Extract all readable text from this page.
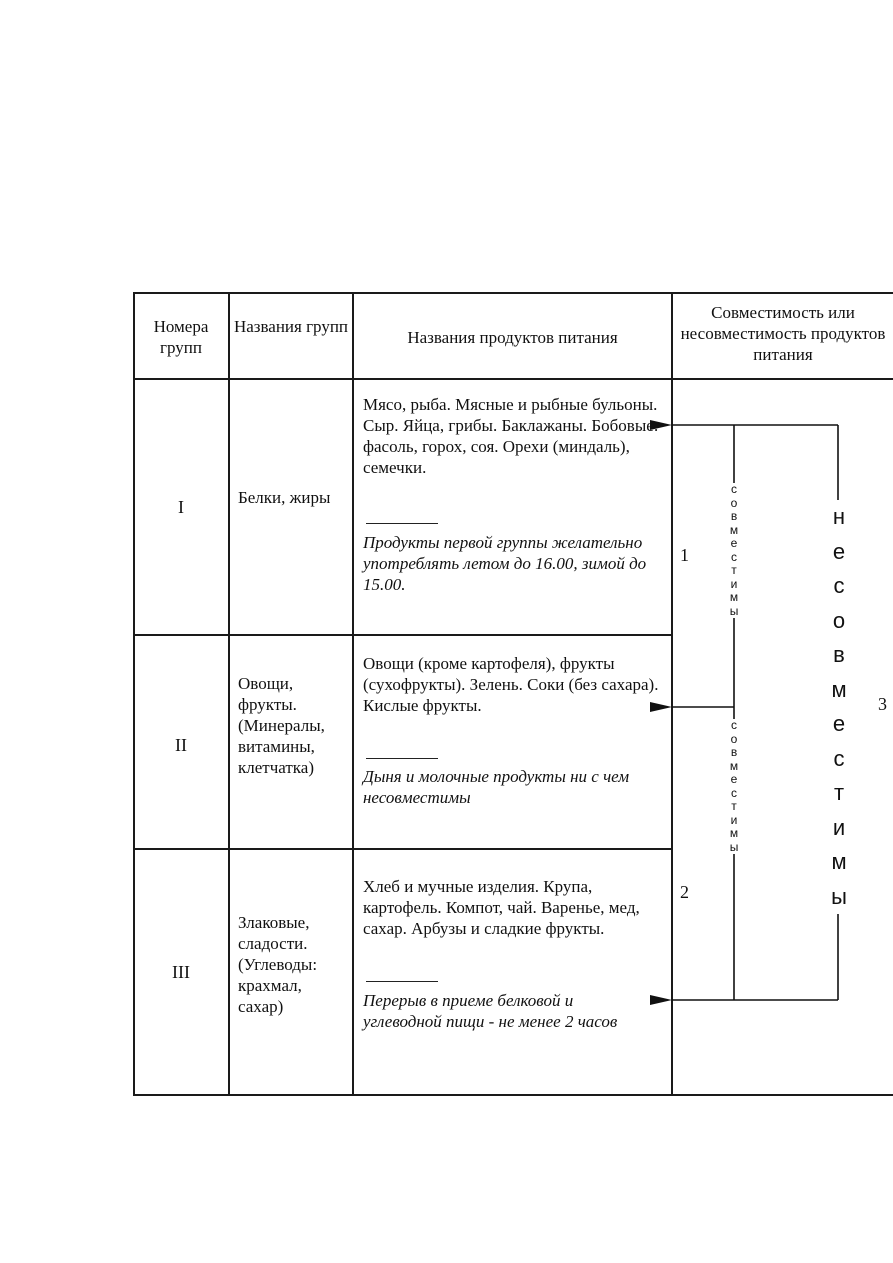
Номера групп
Названия групп
Названия продуктов питания
Совместимость или несовместимость продуктов питания
I	Белки, жиры
Мясо, рыба. Мясные и рыбные бульоны. Сыр. Яйца, грибы. Баклажаны. Бобовые: фасоль, горох, соя. Орехи (миндаль), семечки.
Продукты первой группы желательно употреблять летом до 16.00, зимой до 15.00.
II
Овощи, фрукты. (Минералы, витамины, клетчатка)
Овощи (кроме картофеля), фрукты (сухофрукты). Зелень. Соки (без сахара). Кислые фрукты.
Дыня и молочные продукты ни с чем несовместимы
III
Злаковые, сладости. (Углеводы: крахмал, сахар)
Хлеб и мучные изделия. Крупа, картофель. Компот, чай. Варенье, мед, сахар. Арбузы и сладкие фрукты.
Перерыв в приеме белковой и углеводной пищи - не менее 2 часов
1
2
3
с
о
в
м
е
с
т
и
м
ы
с
о
в
м
е
с
т
и
м
ы
н
е
с
о
в
м
е
с
т
и
м
ы
